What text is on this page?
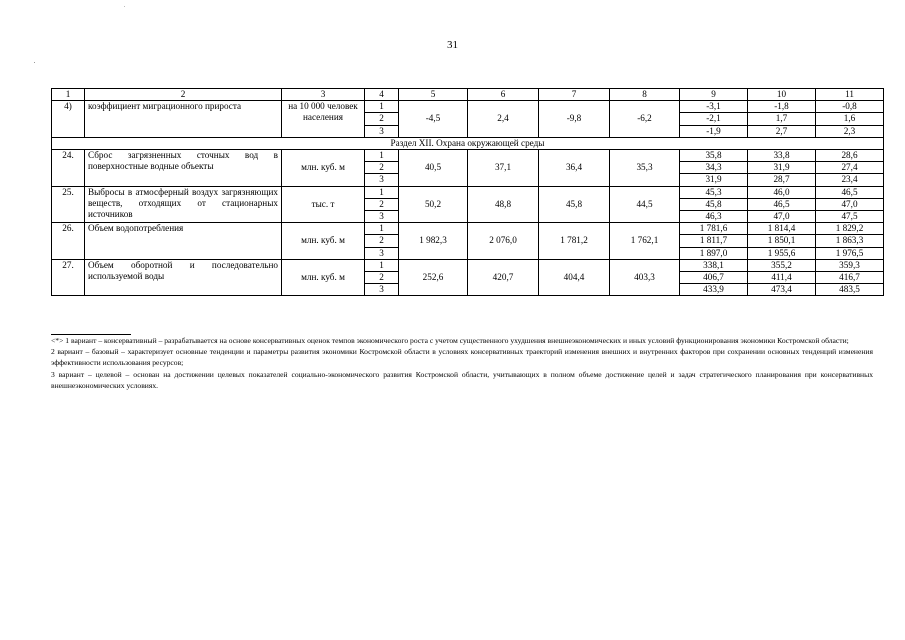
31
1	2	3	4	5	6	7	8	9	10	11
4)	коэффициент миграционного прироста	на 10 000 человек населения	1	-4,5	2,4	-9,8	-6,2	-3,1	-1,8	-0,8
			2					-2,1	1,7	1,6
			3					-1,9	2,7	2,3
Раздел XII. Охрана окружающей среды										
24.	Сброс загрязненных сточных вод в поверхностные водные объекты	млн. куб. м	1	40,5	37,1	36,4	35,3	35,8	33,8	28,6
			2					34,3	31,9	27,4
			3					31,9	28,7	23,4
25.	Выбросы в атмосферный воздух загрязняющих веществ, отходящих от стационарных источников	тыс. т	1	50,2	48,8	45,8	44,5	45,3	46,0	46,5
			2					45,8	46,5	47,0
			3					46,3	47,0	47,5
26.	Объем водопотребления	млн. куб. м	1	1 982,3	2 076,0	1 781,2	1 762,1	1 781,6	1 814,4	1 829,2
			2					1 811,7	1 850,1	1 863,3
			3					1 897,0	1 955,6	1 976,5
27.	Объем оборотной и последовательно используемой воды	млн. куб. м	1	252,6	420,7	404,4	403,3	338,1	355,2	359,3
			2					406,7	411,4	416,7
			3					433,9	473,4	483,5

<*> 1 вариант – консервативный – разрабатывается на основе консервативных оценок темпов экономического роста с учетом существенного ухудшения внешнеэкономических и иных условий функционирования экономики Костромской области;

2 вариант – базовый – характеризует основные тенденции и параметры развития экономики Костромской области в условиях консервативных траекторий изменения внешних и внутренних факторов при сохранении основных тенденций изменения эффективности использования ресурсов;

3 вариант – целевой – основан на достижении целевых показателей социально-экономического развития Костромской области, учитывающих в полном объеме достижение целей и задач стратегического планирования при консервативных внешнеэкономических условиях.
